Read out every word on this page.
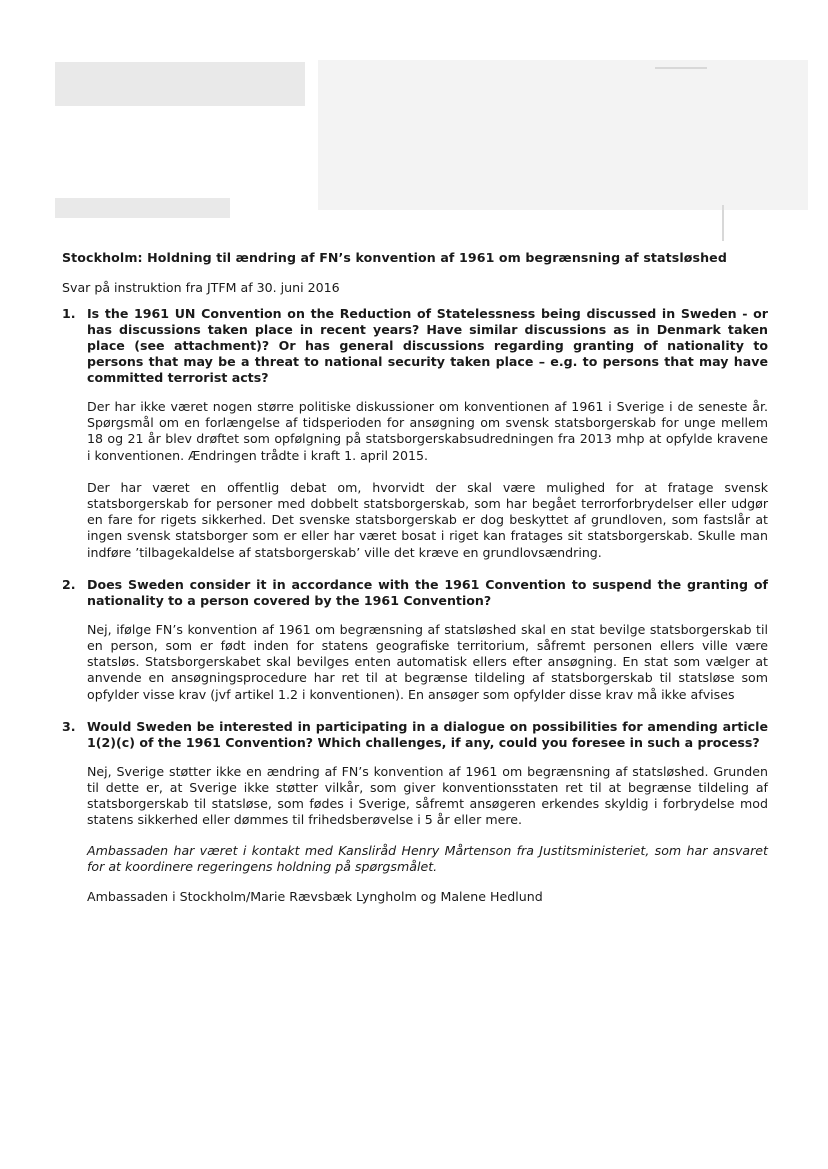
Stockholm: Holdning til ændring af FN’s konvention af 1961 om begrænsning af statsløshed
Svar på instruktion fra JTFM af 30. juni 2016
1. Is the 1961 UN Convention on the Reduction of Statelessness being discussed in Sweden - or has discussions taken place in recent years? Have similar discussions as in Denmark taken place (see attachment)? Or has general discussions regarding granting of nationality to persons that may be a threat to national security taken place – e.g. to persons that may have committed terrorist acts?
Der har ikke været nogen større politiske diskussioner om konventionen af 1961 i Sverige i de seneste år. Spørgsmål om en forlængelse af tidsperioden for ansøgning om svensk statsborgerskab for unge mellem 18 og 21 år blev drøftet som opfølgning på statsborgerskabsudredningen fra 2013 mhp at opfylde kravene i konventionen. Ændringen trådte i kraft 1. april 2015.
Der har været en offentlig debat om, hvorvidt der skal være mulighed for at fratage svensk statsborgerskab for personer med dobbelt statsborgerskab, som har begået terrorforbrydelser eller udgør en fare for rigets sikkerhed. Det svenske statsborgerskab er dog beskyttet af grundloven, som fastslår at ingen svensk statsborger som er eller har været bosat i riget kan fratages sit statsborgerskab. Skulle man indføre ’tilbagekaldelse af statsborgerskab’ ville det kræve en grundlovsændring.
2. Does Sweden consider it in accordance with the 1961 Convention to suspend the granting of nationality to a person covered by the 1961 Convention?
Nej, ifølge FN’s konvention af 1961 om begrænsning af statsløshed skal en stat bevilge statsborgerskab til en person, som er født inden for statens geografiske territorium, såfremt personen ellers ville være statsløs. Statsborgerskabet skal bevilges enten automatisk ellers efter ansøgning. En stat som vælger at anvende en ansøgningsprocedure har ret til at begrænse tildeling af statsborgerskab til statsløse som opfylder visse krav (jvf artikel 1.2 i konventionen). En ansøger som opfylder disse krav må ikke afvises
3. Would Sweden be interested in participating in a dialogue on possibilities for amending article 1(2)(c) of the 1961 Convention? Which challenges, if any, could you foresee in such a process?
Nej, Sverige støtter ikke en ændring af FN’s konvention af 1961 om begrænsning af statsløshed. Grunden til dette er, at Sverige ikke støtter vilkår, som giver konventionsstaten ret til at begrænse tildeling af statsborgerskab til statsløse, som fødes i Sverige, såfremt ansøgeren erkendes skyldig i forbrydelse mod statens sikkerhed eller dømmes til frihedsberøvelse i 5 år eller mere.
Ambassaden har været i kontakt med Kansliråd Henry Mårtenson fra Justitsministeriet, som har ansvaret for at koordinere regeringens holdning på spørgsmålet.
Ambassaden i Stockholm/Marie Rævsbæk Lyngholm og Malene Hedlund
